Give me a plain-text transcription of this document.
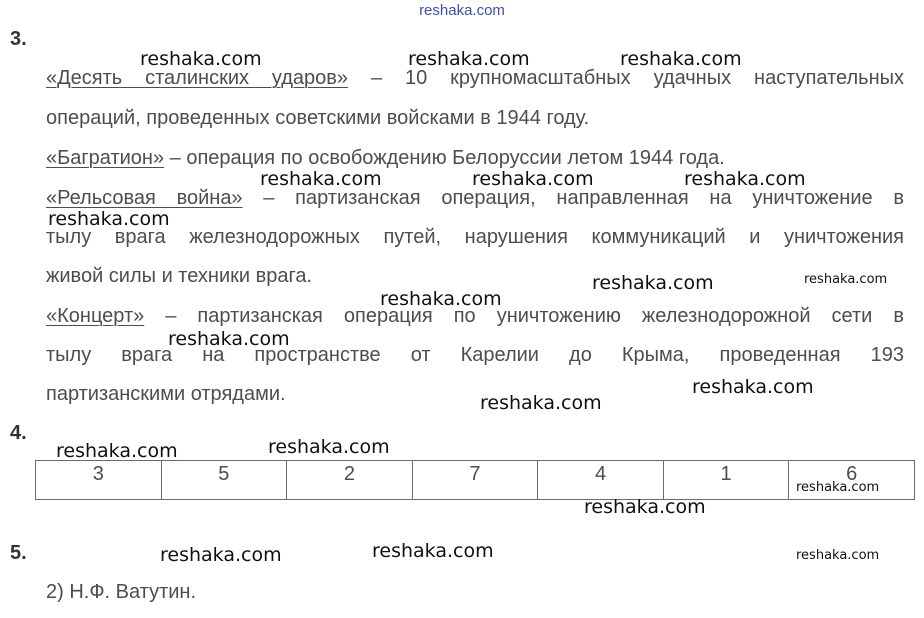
reshaka.com
3.
«Десять сталинских ударов» – 10 крупномасштабных удачных наступательных
операций, проведенных советскими войсками в 1944 году.
«Багратион» – операция по освобождению Белоруссии летом 1944 года.
«Рельсовая война» – партизанская операция, направленная на уничтожение в
тылу врага железнодорожных путей, нарушения коммуникаций и уничтожения
живой силы и техники врага.
«Концерт» – партизанская операция по уничтожению железнодорожной сети в
тылу врага на пространстве от Карелии до Крыма, проведенная 193
партизанскими отрядами.
4.
3	5	2	7	4	1	6
5.
2) Н.Ф. Ватутин.
reshaka.com	reshaka.com	reshaka.com
reshaka.com	reshaka.com	reshaka.com
reshaka.com
reshaka.com	reshaka.com
reshaka.com
reshaka.com
reshaka.com
reshaka.com
reshaka.com
reshaka.com
reshaka.com
reshaka.com
reshaka.com
reshaka.com	reshaka.com
